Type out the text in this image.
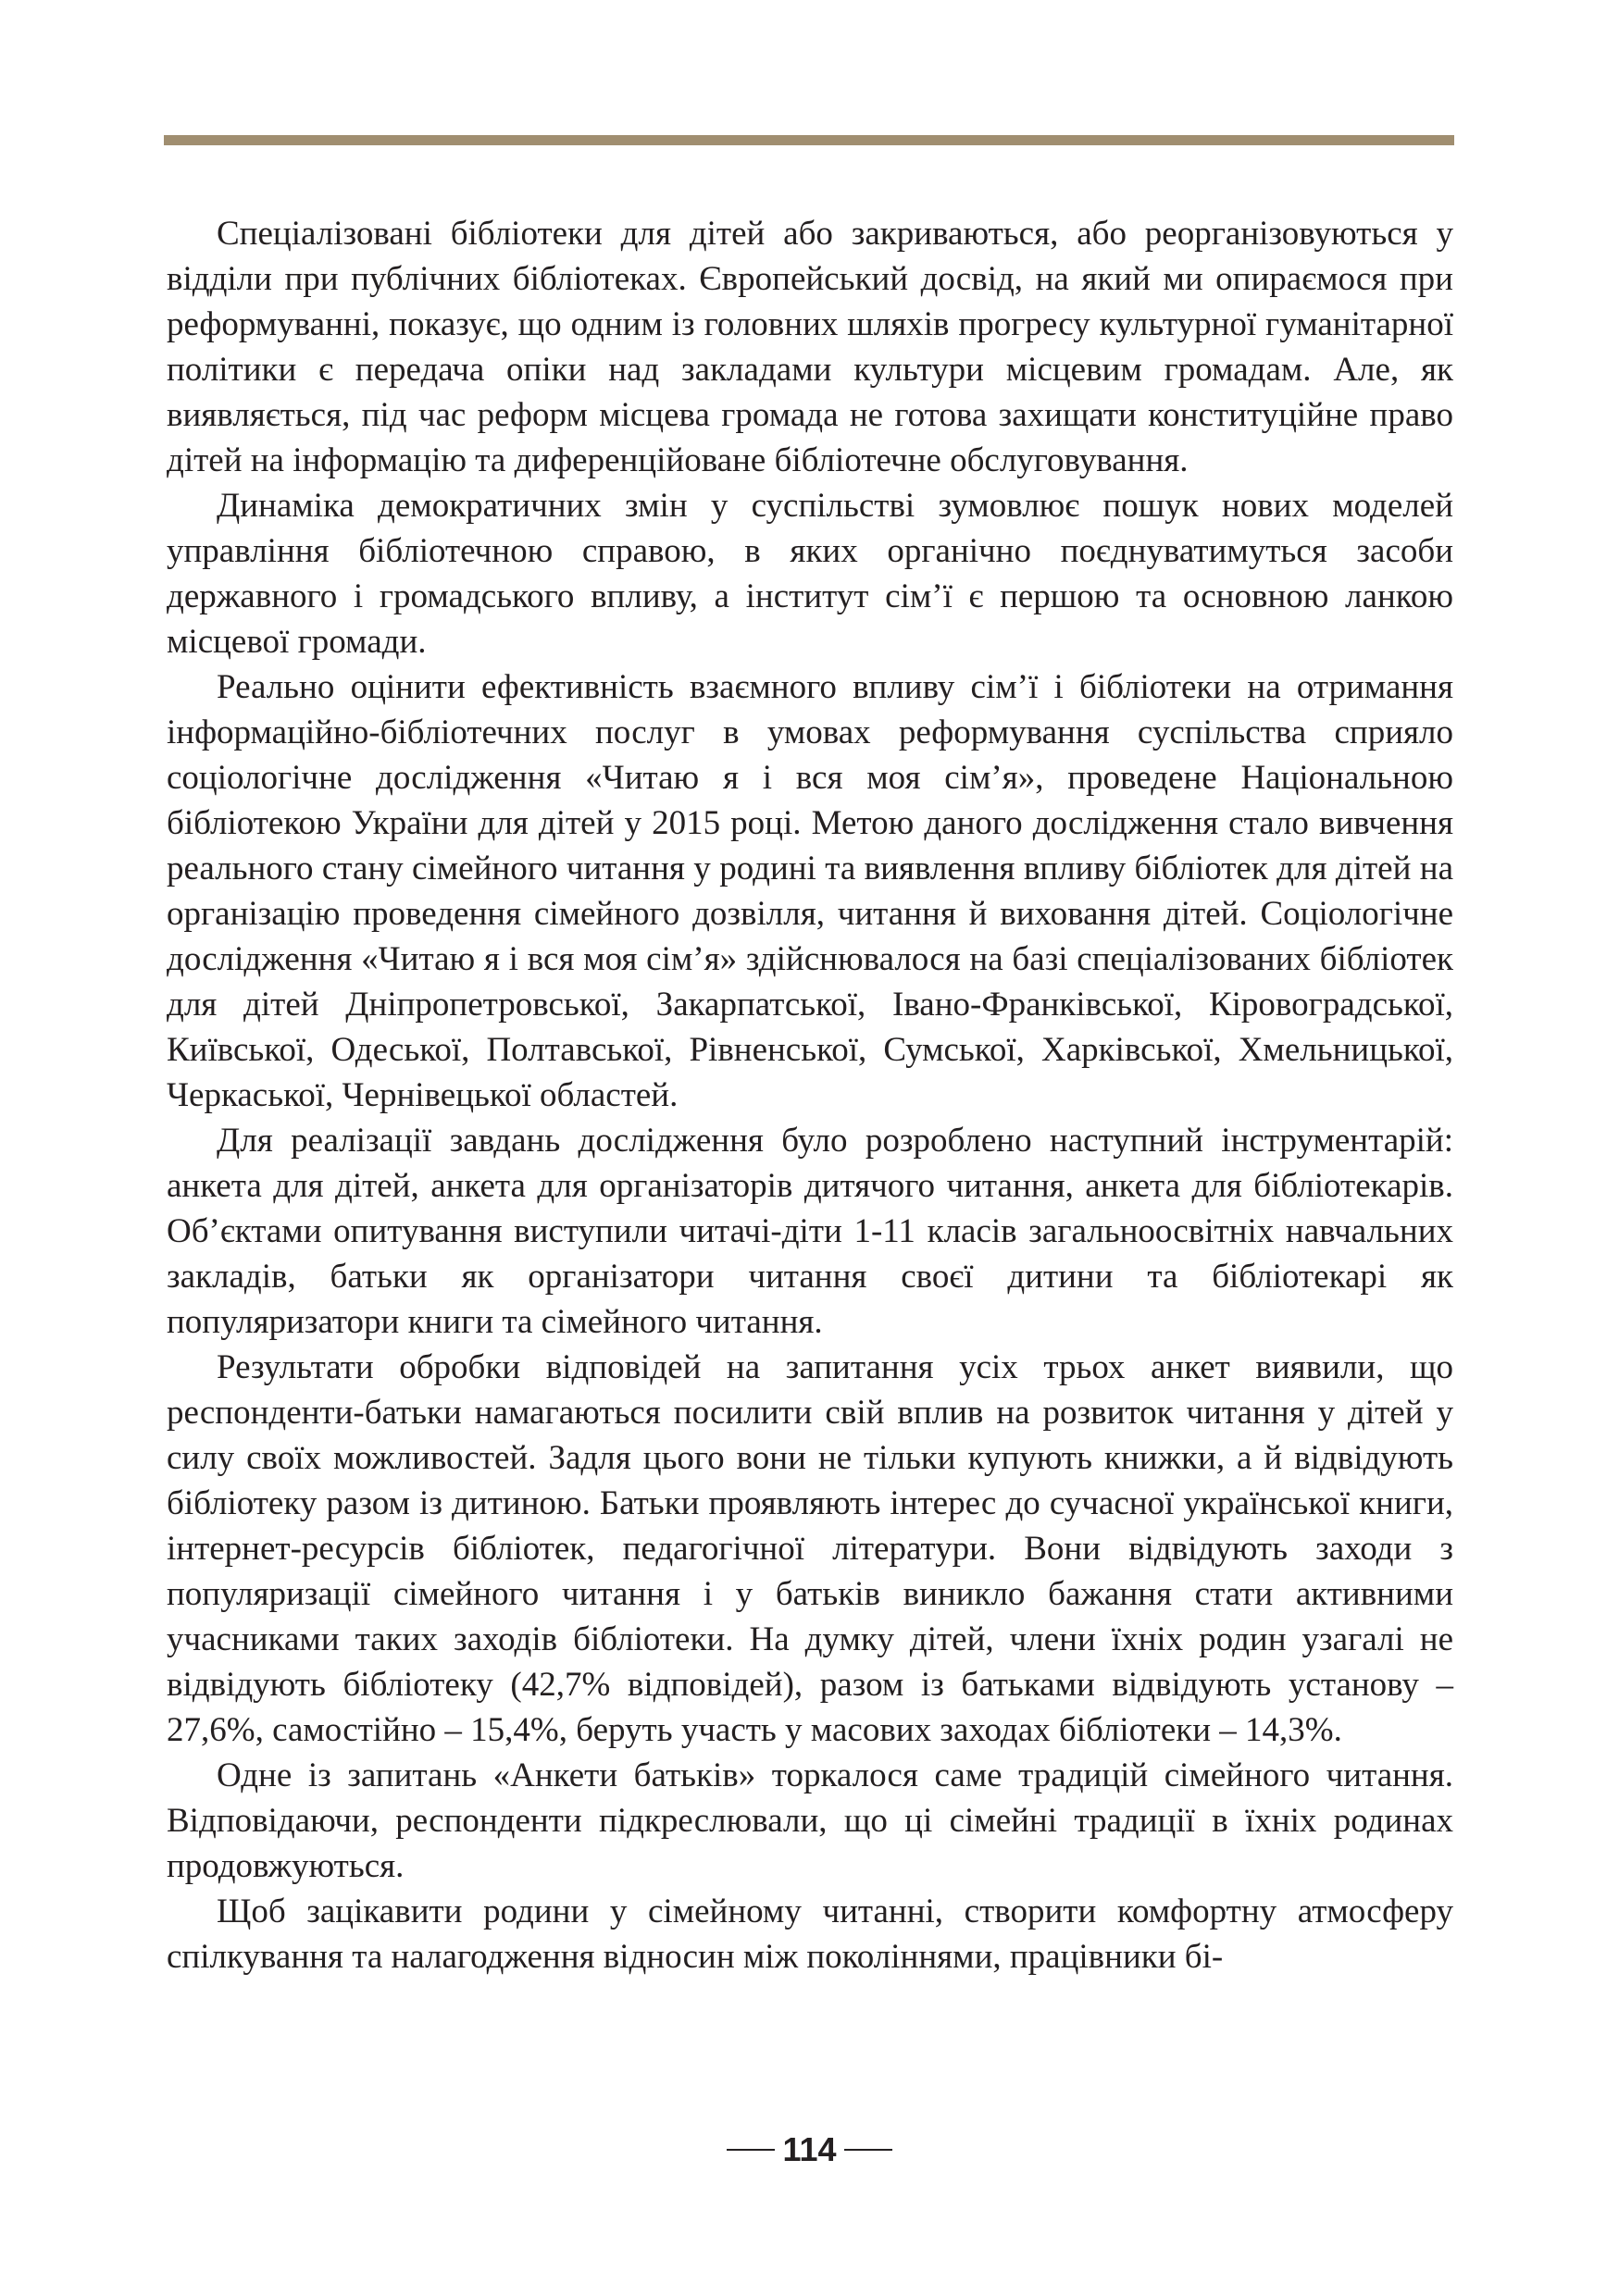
Спеціалізовані бібліотеки для дітей або закриваються, або реорганізовуються у відділи при публічних бібліотеках. Європейський досвід, на який ми опираємося при реформуванні, показує, що одним із головних шляхів прогресу культурної гуманітарної політики є передача опіки над закладами культури місцевим громадам. Але, як виявляється, під час реформ місцева громада не готова захищати конституційне право дітей на інформацію та диференційоване бібліотечне обслуговування.

Динаміка демократичних змін у суспільстві зумовлює пошук нових моделей управління бібліотечною справою, в яких органічно поєднуватимуться засоби державного і громадського впливу, а інститут сім’ї є першою та основною ланкою місцевої громади.

Реально оцінити ефективність взаємного впливу сім’ї і бібліотеки на отримання інформаційно-бібліотечних послуг в умовах реформування суспільства сприяло соціологічне дослідження «Читаю я і вся моя сім’я», проведене Національною бібліотекою України для дітей у 2015 році. Метою даного дослідження стало вивчення реального стану сімейного читання у родині та виявлення впливу бібліотек для дітей на організацію проведення сімейного дозвілля, читання й виховання дітей. Соціологічне дослідження «Читаю я і вся моя сім’я» здійснювалося на базі спеціалізованих бібліотек для дітей Дніпропетровської, Закарпатської, Івано-Франківської, Кіровоградської, Київської, Одеської, Полтавської, Рівненської, Сумської, Харківської, Хмельницької, Черкаської, Чернівецької областей.

Для реалізації завдань дослідження було розроблено наступний інструментарій: анкета для дітей, анкета для організаторів дитячого читання, анкета для бібліотекарів. Об’єктами опитування виступили читачі-діти 1-11 класів загальноосвітніх навчальних закладів, батьки як організатори читання своєї дитини та бібліотекарі як популяризатори книги та сімейного читання.

Результати обробки відповідей на запитання усіх трьох анкет виявили, що респонденти-батьки намагаються посилити свій вплив на розвиток читання у дітей у силу своїх можливостей. Задля цього вони не тільки купують книжки, а й відвідують бібліотеку разом із дитиною. Батьки проявляють інтерес до сучасної української книги, інтернет-ресурсів бібліотек, педагогічної літератури. Вони відвідують заходи з популяризації сімейного читання і у батьків виникло бажання стати активними учасниками таких заходів бібліотеки. На думку дітей, члени їхніх родин узагалі не відвідують бібліотеку (42,7% відповідей), разом із батьками відвідують установу – 27,6%, самостійно – 15,4%, беруть участь у масових заходах бібліотеки – 14,3%.

Одне із запитань «Анкети батьків» торкалося саме традицій сімейного читання. Відповідаючи, респонденти підкреслювали, що ці сімейні традиції в їхніх родинах продовжуються.

Щоб зацікавити родини у сімейному читанні, створити комфортну атмосферу спілкування та налагодження відносин між поколіннями, працівники бі-

114
